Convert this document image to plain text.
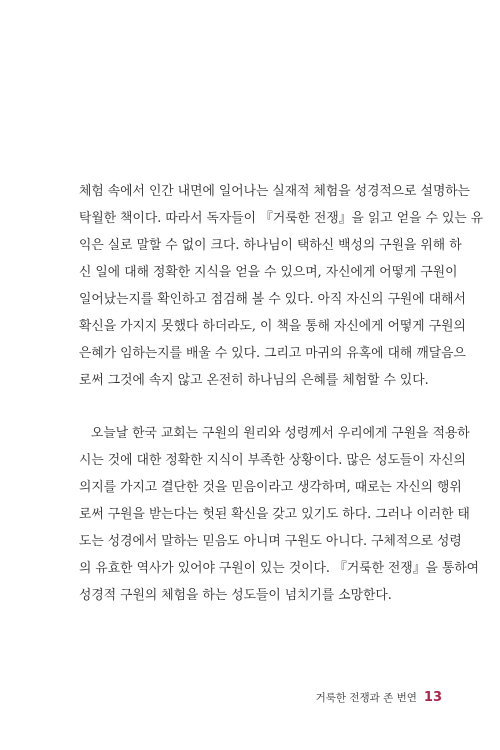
체험 속에서 인간 내면에 일어나는 실재적 체험을 성경적으로 설명하는
탁월한 책이다. 따라서 독자들이 『거룩한 전쟁』을 읽고 얻을 수 있는 유
익은 실로 말할 수 없이 크다. 하나님이 택하신 백성의 구원을 위해 하
신 일에 대해 정확한 지식을 얻을 수 있으며, 자신에게 어떻게 구원이
일어났는지를 확인하고 점검해 볼 수 있다. 아직 자신의 구원에 대해서
확신을 가지지 못했다 하더라도, 이 책을 통해 자신에게 어떻게 구원의
은혜가 임하는지를 배울 수 있다. 그리고 마귀의 유혹에 대해 깨달음으
로써 그것에 속지 않고 온전히 하나님의 은혜를 체험할 수 있다.
오늘날 한국 교회는 구원의 원리와 성령께서 우리에게 구원을 적용하
시는 것에 대한 정확한 지식이 부족한 상황이다. 많은 성도들이 자신의
의지를 가지고 결단한 것을 믿음이라고 생각하며, 때로는 자신의 행위
로써 구원을 받는다는 헛된 확신을 갖고 있기도 하다. 그러나 이러한 태
도는 성경에서 말하는 믿음도 아니며 구원도 아니다. 구체적으로 성령
의 유효한 역사가 있어야 구원이 있는 것이다. 『거룩한 전쟁』을 통하여
성경적 구원의 체험을 하는 성도들이 넘치기를 소망한다.
거룩한 전쟁과 존 번연 13
